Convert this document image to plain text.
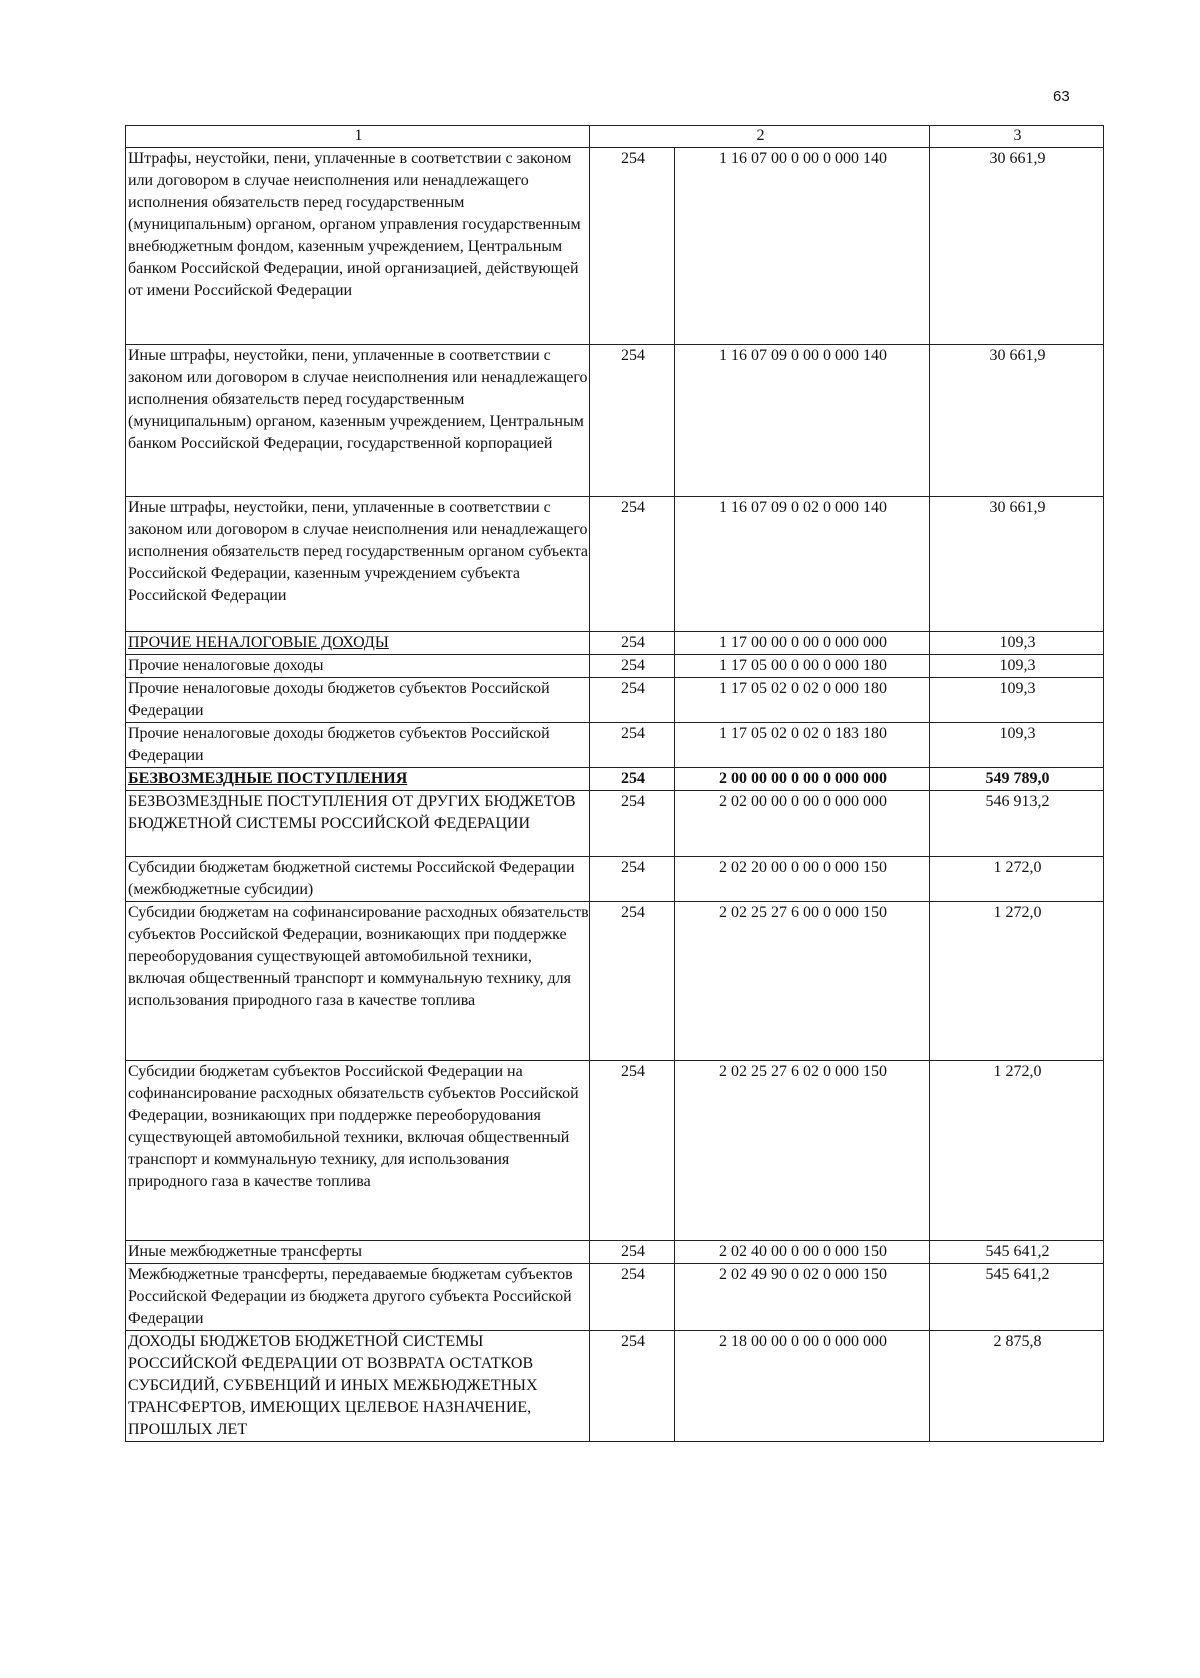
63
1	2		3
Штрафы, неустойки, пени, уплаченные в соответствии с законом или договором в случае неисполнения или ненадлежащего исполнения обязательств перед государственным (муниципальным) органом, органом управления государственным внебюджетным фондом, казенным учреждением, Центральным банком Российской Федерации, иной организацией, действующей от имени Российской Федерации	254	1 16 07 00 0 00 0 000 140	30 661,9
Иные штрафы, неустойки, пени, уплаченные в соответствии с законом или договором в случае неисполнения или ненадлежащего исполнения обязательств перед государственным (муниципальным) органом, казенным учреждением, Центральным банком Российской Федерации, государственной корпорацией	254	1 16 07 09 0 00 0 000 140	30 661,9
Иные штрафы, неустойки, пени, уплаченные в соответствии с законом или договором в случае неисполнения или ненадлежащего исполнения обязательств перед государственным органом субъекта Российской Федерации, казенным учреждением субъекта Российской Федерации	254	1 16 07 09 0 02 0 000 140	30 661,9
ПРОЧИЕ НЕНАЛОГОВЫЕ ДОХОДЫ	254	1 17 00 00 0 00 0 000 000	109,3
Прочие неналоговые доходы	254	1 17 05 00 0 00 0 000 180	109,3
Прочие неналоговые доходы бюджетов субъектов Российской Федерации	254	1 17 05 02 0 02 0 000 180	109,3
Прочие неналоговые доходы бюджетов субъектов Российской Федерации	254	1 17 05 02 0 02 0 183 180	109,3
БЕЗВОЗМЕЗДНЫЕ ПОСТУПЛЕНИЯ	254	2 00 00 00 0 00 0 000 000	549 789,0
БЕЗВОЗМЕЗДНЫЕ ПОСТУПЛЕНИЯ ОТ ДРУГИХ БЮДЖЕТОВ БЮДЖЕТНОЙ СИСТЕМЫ РОССИЙСКОЙ ФЕДЕРАЦИИ	254	2 02 00 00 0 00 0 000 000	546 913,2
Субсидии бюджетам бюджетной системы Российской Федерации (межбюджетные субсидии)	254	2 02 20 00 0 00 0 000 150	1 272,0
Субсидии бюджетам на софинансирование расходных обязательств субъектов Российской Федерации, возникающих при поддержке переоборудования существующей автомобильной техники, включая общественный транспорт и коммунальную технику, для использования природного газа в качестве топлива	254	2 02 25 27 6 00 0 000 150	1 272,0
Субсидии бюджетам субъектов Российской Федерации на софинансирование расходных обязательств субъектов Российской Федерации, возникающих при поддержке переоборудования существующей автомобильной техники, включая общественный транспорт и коммунальную технику, для использования природного газа в качестве топлива	254	2 02 25 27 6 02 0 000 150	1 272,0
Иные межбюджетные трансферты	254	2 02 40 00 0 00 0 000 150	545 641,2
Межбюджетные трансферты, передаваемые бюджетам субъектов Российской Федерации из бюджета другого субъекта Российской Федерации	254	2 02 49 90 0 02 0 000 150	545 641,2
ДОХОДЫ БЮДЖЕТОВ БЮДЖЕТНОЙ СИСТЕМЫ РОССИЙСКОЙ ФЕДЕРАЦИИ ОТ ВОЗВРАТА ОСТАТКОВ СУБСИДИЙ, СУБВЕНЦИЙ И ИНЫХ МЕЖБЮДЖЕТНЫХ ТРАНСФЕРТОВ, ИМЕЮЩИХ ЦЕЛЕВОЕ НАЗНАЧЕНИЕ, ПРОШЛЫХ ЛЕТ	254	2 18 00 00 0 00 0 000 000	2 875,8
